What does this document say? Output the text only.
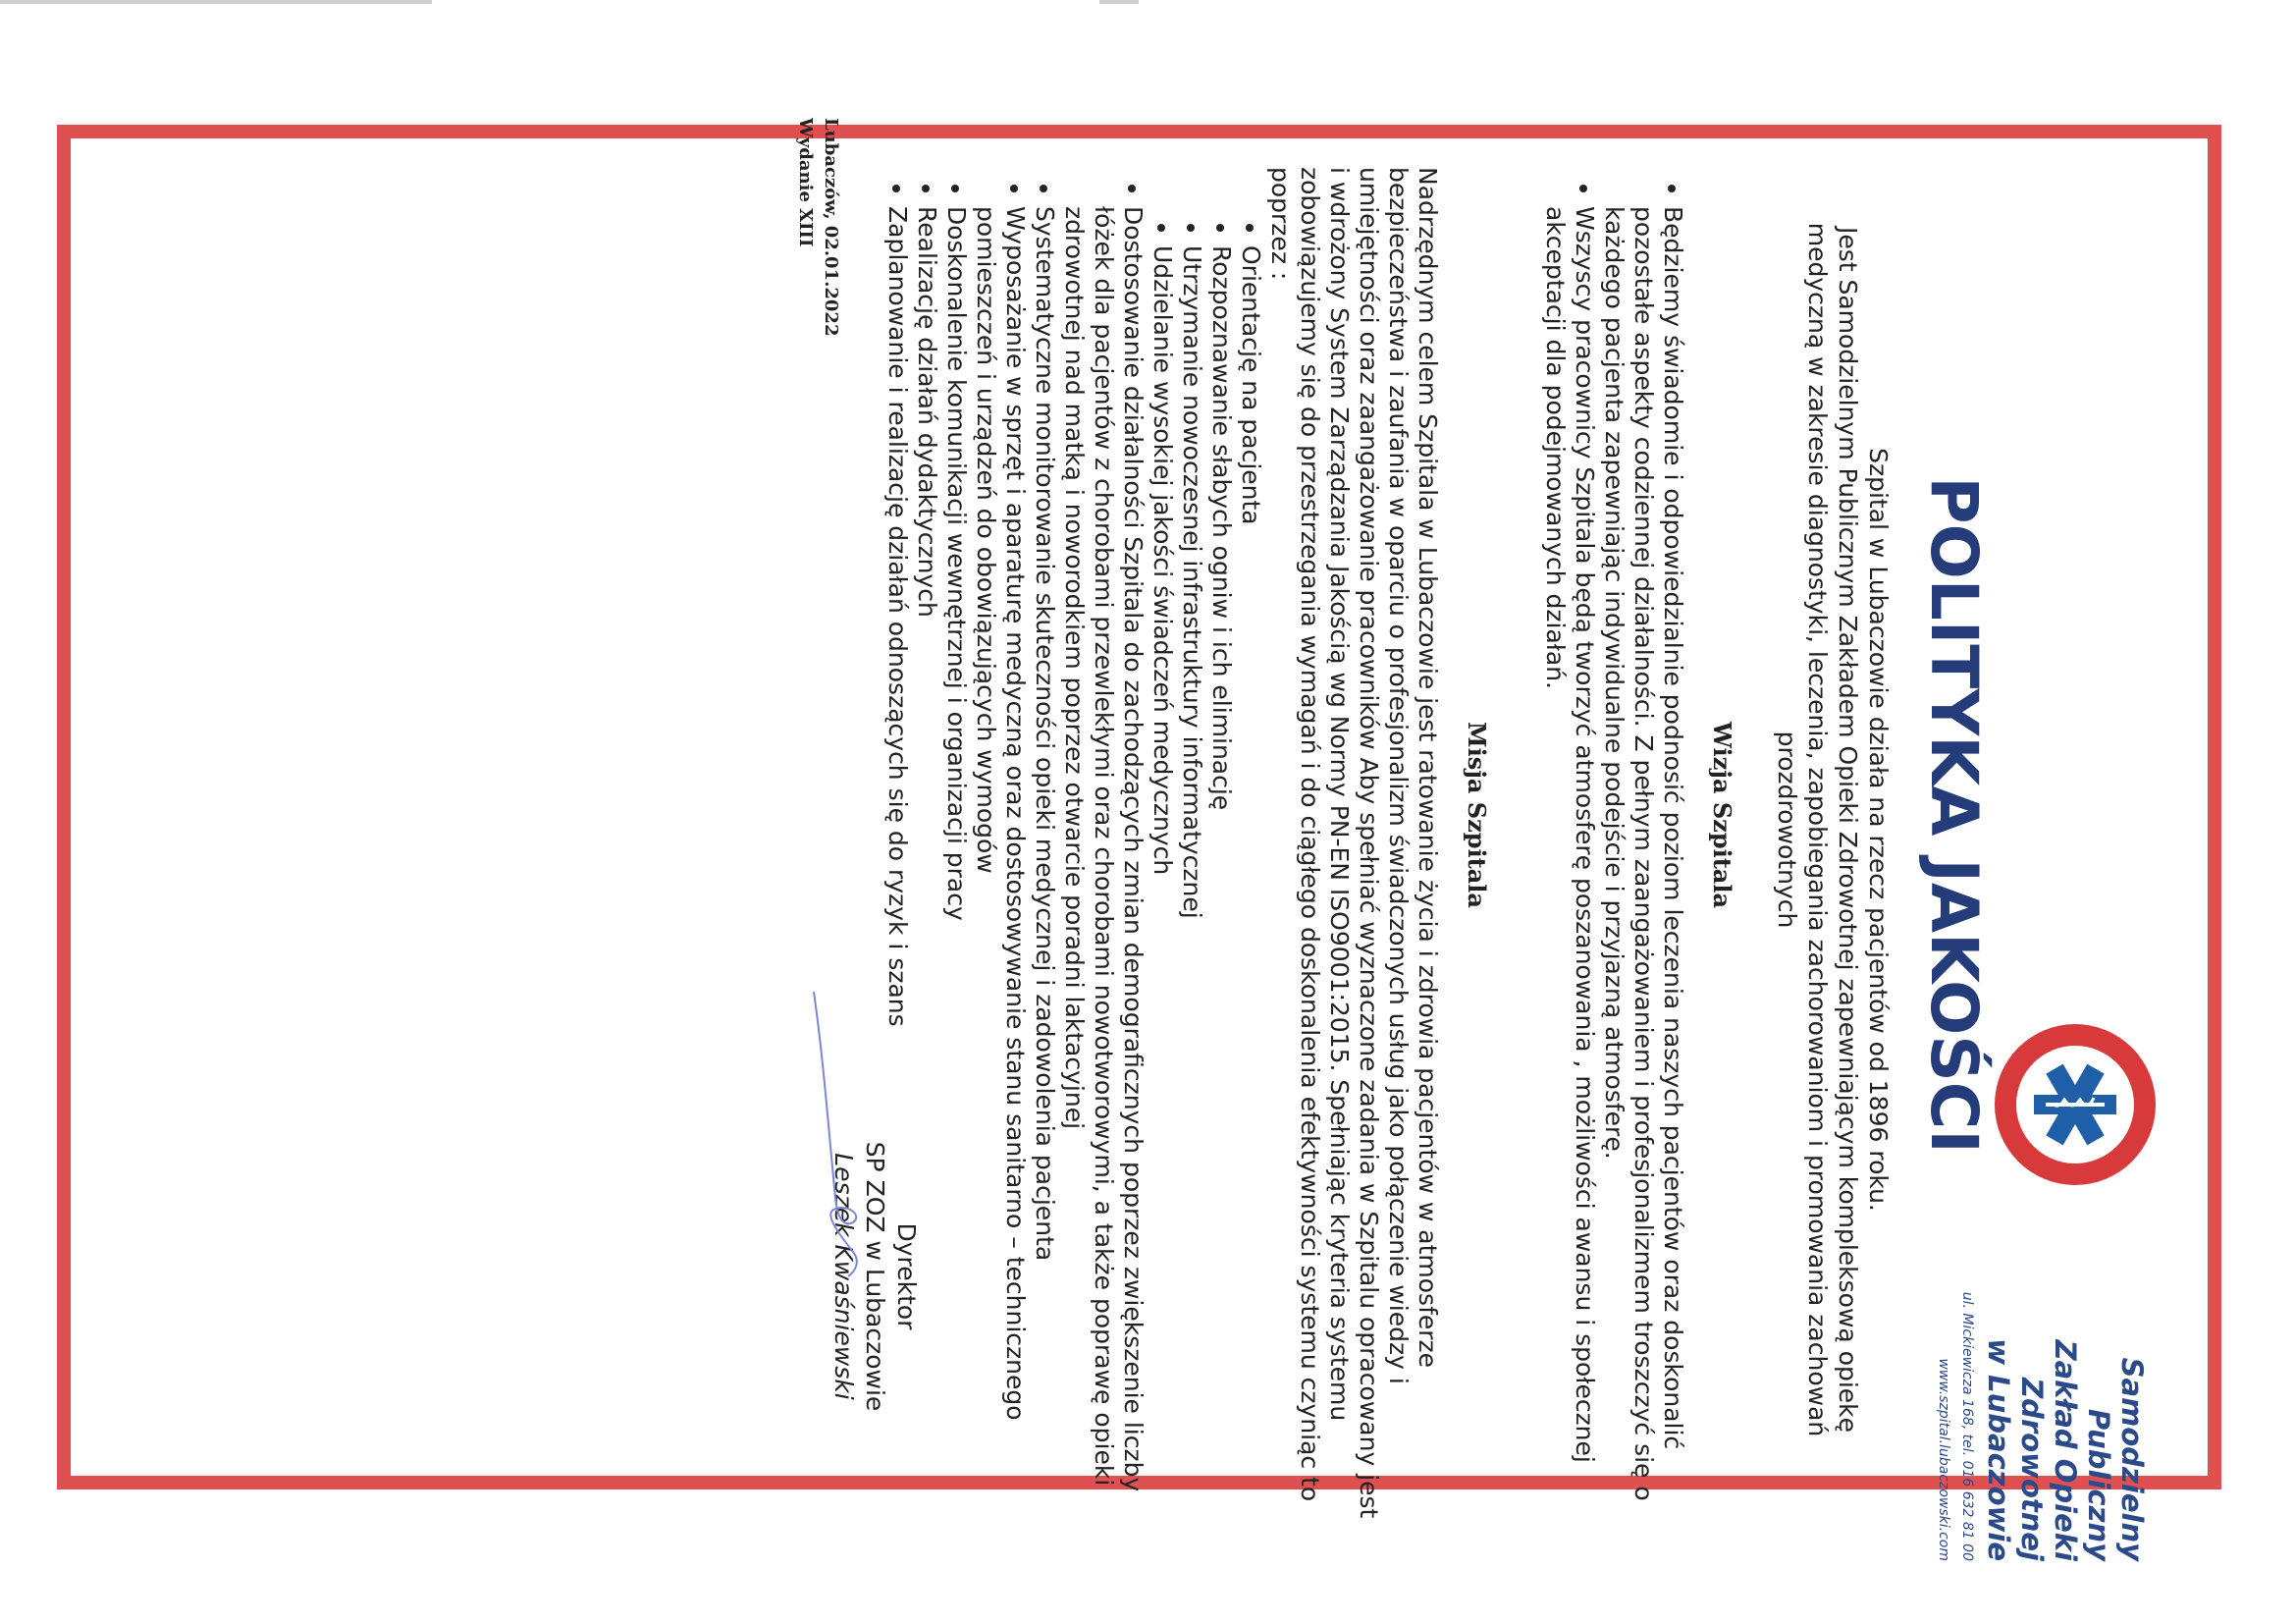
Samodzielny Publiczny
Zakład Opieki Zdrowotnej
w Lubaczowie
ul. Mickiewicza 168, tel. 016 632 81 00
www.szpital.lubaczowski.com
POLITYKA JAKOŚCI
Szpital w Lubaczowie działa na rzecz pacjentów od 1896 roku.
Jest Samodzielnym Publicznym Zakładem Opieki Zdrowotnej zapewniającym kompleksową opiekę medyczną w zakresie diagnostyki, leczenia, zapobiegania zachorowaniom i promowania zachowań prozdrowotnych
Wizja Szpitala
• Będziemy świadomie i odpowiedzialnie podnosić poziom leczenia naszych pacjentów oraz doskonalić pozostałe aspekty codziennej działalności. Z pełnym zaangażowaniem i profesjonalizmem troszczyć się o każdego pacjenta zapewniając indywidualne podejście i przyjazną atmosferę.
• Wszyscy pracownicy Szpitala będą tworzyć atmosferę poszanowania , możliwości awansu i społecznej akceptacji dla podejmowanych działań.
Misja Szpitala

Nadrzędnym celem Szpitala w Lubaczowie jest ratowanie życia i zdrowia pacjentów w atmosferze bezpieczeństwa i zaufania w oparciu o profesjonalizm świadczonych usług jako połączenie wiedzy i umiejętności oraz zaangażowanie pracowników Aby spełniać wyznaczone zadania w Szpitalu opracowany jest i wdrożony System Zarządzania Jakością wg Normy PN-EN ISO9001:2015. Spełniając kryteria systemu zobowiązujemy się do przestrzegania wymagań i do ciągłego doskonalenia efektywności systemu czyniąc to poprzez :

• Orientację na pacjenta
• Rozpoznawanie słabych ogniw i ich eliminację
• Utrzymanie nowoczesnej infrastruktury informatycznej
• Udzielanie wysokiej jakości świadczeń medycznych
• Dostosowanie działalności Szpitala do zachodzących zmian demograficznych poprzez zwiększenie liczby łóżek dla pacjentów z chorobami przewlekłymi oraz chorobami nowotworowymi, a także poprawę opieki zdrowotnej nad matką i noworodkiem poprzez otwarcie poradni laktacyjnej
• Systematyczne monitorowanie skuteczności opieki medycznej i zadowolenia pacjenta
• Wyposażanie w sprzęt i aparaturę medyczną oraz dostosowywanie stanu sanitarno – technicznego pomieszczeń i urządzeń do obowiązujących wymogów
• Doskonalenie komunikacji wewnętrznej i organizacji pracy
• Realizację działań dydaktycznych
• Zaplanowanie i realizację działań odnoszących się do ryzyk i szans
Dyrektor
SP ZOZ w Lubaczowie
Leszek Kwaśniewski
Lubaczów, 02.01.2022
Wydanie XIII
